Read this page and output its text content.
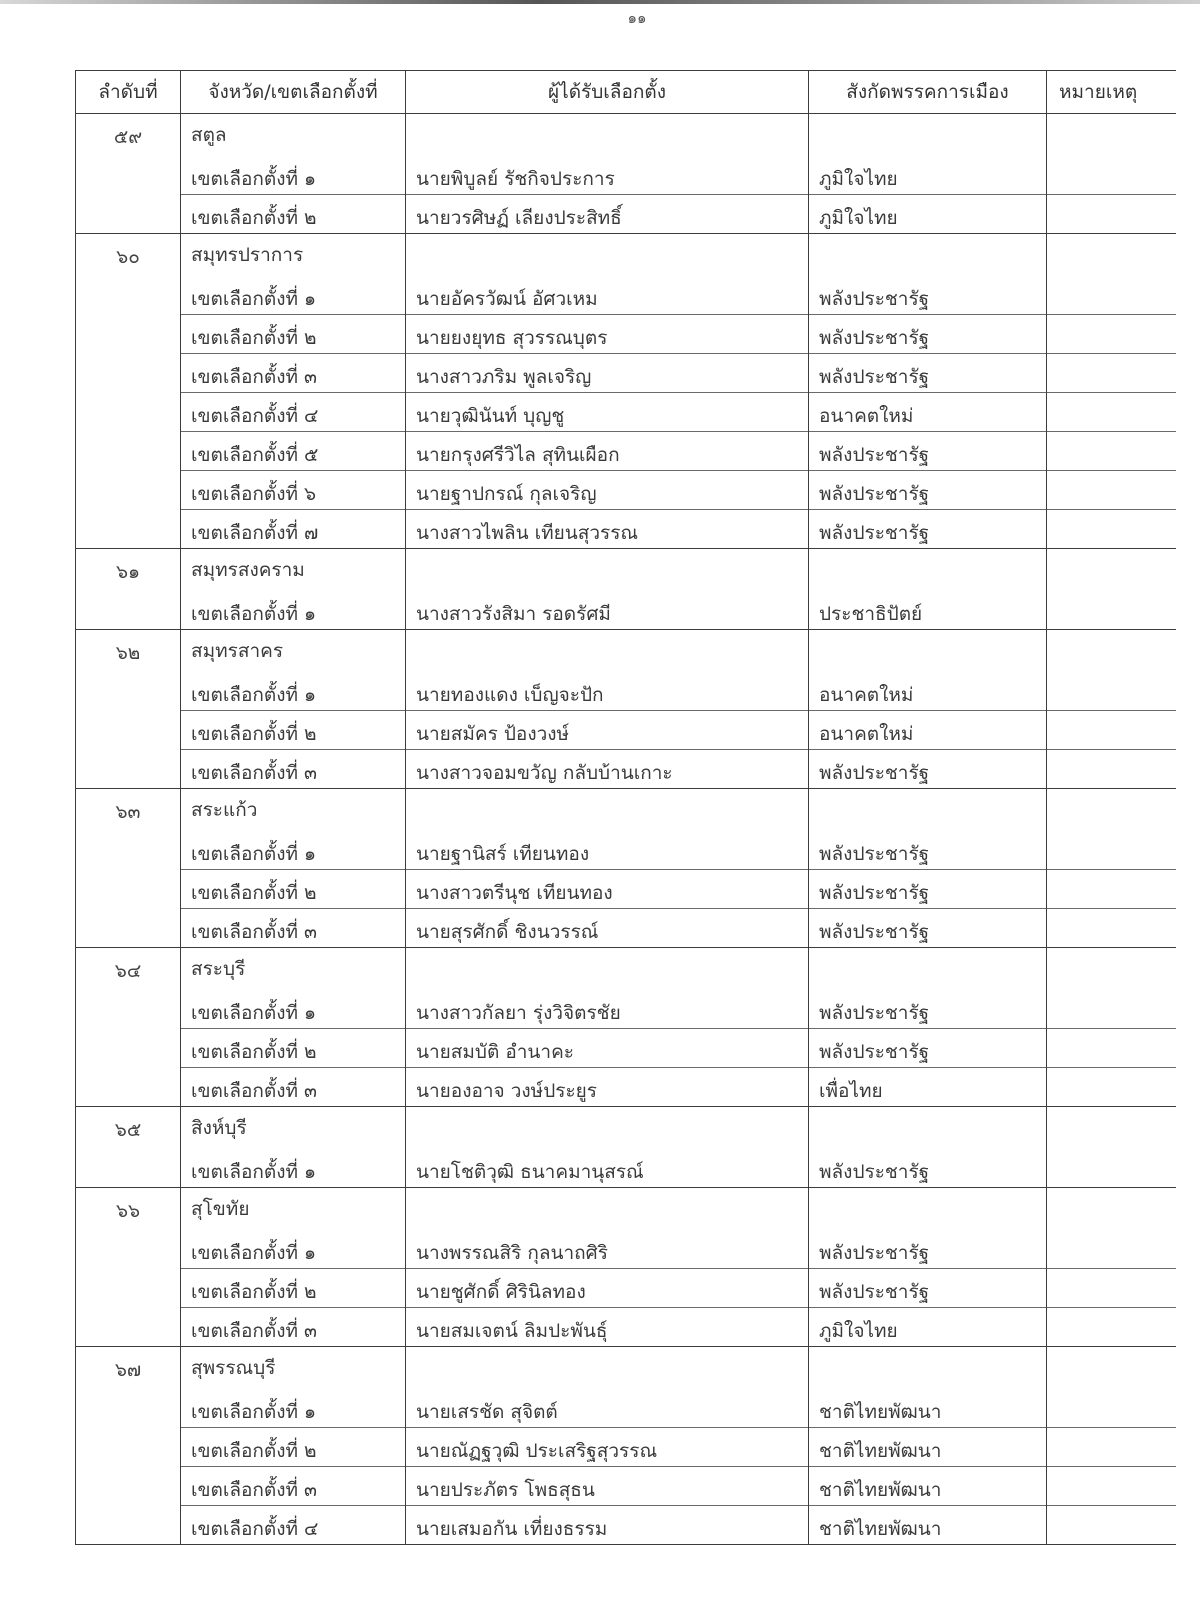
๑๑
ลำดับที่	จังหวัด/เขตเลือกตั้งที่	ผู้ได้รับเลือกตั้ง	สังกัดพรรคการเมือง	หมายเหตุ
๕๙	สตูล			
	เขตเลือกตั้งที่ ๑	นายพิบูลย์ รัชกิจประการ	ภูมิใจไทย	
	เขตเลือกตั้งที่ ๒	นายวรศิษฏ์ เลียงประสิทธิ์	ภูมิใจไทย	
๖๐	สมุทรปราการ			
	เขตเลือกตั้งที่ ๑	นายอัครวัฒน์ อัศวเหม	พลังประชารัฐ	
	เขตเลือกตั้งที่ ๒	นายยงยุทธ สุวรรณบุตร	พลังประชารัฐ	
	เขตเลือกตั้งที่ ๓	นางสาวภริม พูลเจริญ	พลังประชารัฐ	
	เขตเลือกตั้งที่ ๔	นายวุฒินันท์ บุญชู	อนาคตใหม่	
	เขตเลือกตั้งที่ ๕	นายกรุงศรีวิไล สุทินเผือก	พลังประชารัฐ	
	เขตเลือกตั้งที่ ๖	นายฐาปกรณ์ กุลเจริญ	พลังประชารัฐ	
	เขตเลือกตั้งที่ ๗	นางสาวไพลิน เทียนสุวรรณ	พลังประชารัฐ	
๖๑	สมุทรสงคราม			
	เขตเลือกตั้งที่ ๑	นางสาวรังสิมา รอดรัศมี	ประชาธิปัตย์	
๖๒	สมุทรสาคร			
	เขตเลือกตั้งที่ ๑	นายทองแดง เบ็ญจะปัก	อนาคตใหม่	
	เขตเลือกตั้งที่ ๒	นายสมัคร ป้องวงษ์	อนาคตใหม่	
	เขตเลือกตั้งที่ ๓	นางสาวจอมขวัญ กลับบ้านเกาะ	พลังประชารัฐ	
๖๓	สระแก้ว			
	เขตเลือกตั้งที่ ๑	นายฐานิสร์ เทียนทอง	พลังประชารัฐ	
	เขตเลือกตั้งที่ ๒	นางสาวตรีนุช เทียนทอง	พลังประชารัฐ	
	เขตเลือกตั้งที่ ๓	นายสุรศักดิ์ ชิงนวรรณ์	พลังประชารัฐ	
๖๔	สระบุรี			
	เขตเลือกตั้งที่ ๑	นางสาวกัลยา รุ่งวิจิตรชัย	พลังประชารัฐ	
	เขตเลือกตั้งที่ ๒	นายสมบัติ อำนาคะ	พลังประชารัฐ	
	เขตเลือกตั้งที่ ๓	นายองอาจ วงษ์ประยูร	เพื่อไทย	
๖๕	สิงห์บุรี			
	เขตเลือกตั้งที่ ๑	นายโชติวุฒิ ธนาคมานุสรณ์	พลังประชารัฐ	
๖๖	สุโขทัย			
	เขตเลือกตั้งที่ ๑	นางพรรณสิริ กุลนาถศิริ	พลังประชารัฐ	
	เขตเลือกตั้งที่ ๒	นายชูศักดิ์ ศิรินิลทอง	พลังประชารัฐ	
	เขตเลือกตั้งที่ ๓	นายสมเจตน์ ลิมปะพันธุ์	ภูมิใจไทย	
๖๗	สุพรรณบุรี			
	เขตเลือกตั้งที่ ๑	นายเสรชัด สุจิตต์	ชาติไทยพัฒนา	
	เขตเลือกตั้งที่ ๒	นายณัฏฐวุฒิ ประเสริฐสุวรรณ	ชาติไทยพัฒนา	
	เขตเลือกตั้งที่ ๓	นายประภัตร โพธสุธน	ชาติไทยพัฒนา	
	เขตเลือกตั้งที่ ๔	นายเสมอกัน เที่ยงธรรม	ชาติไทยพัฒนา	
